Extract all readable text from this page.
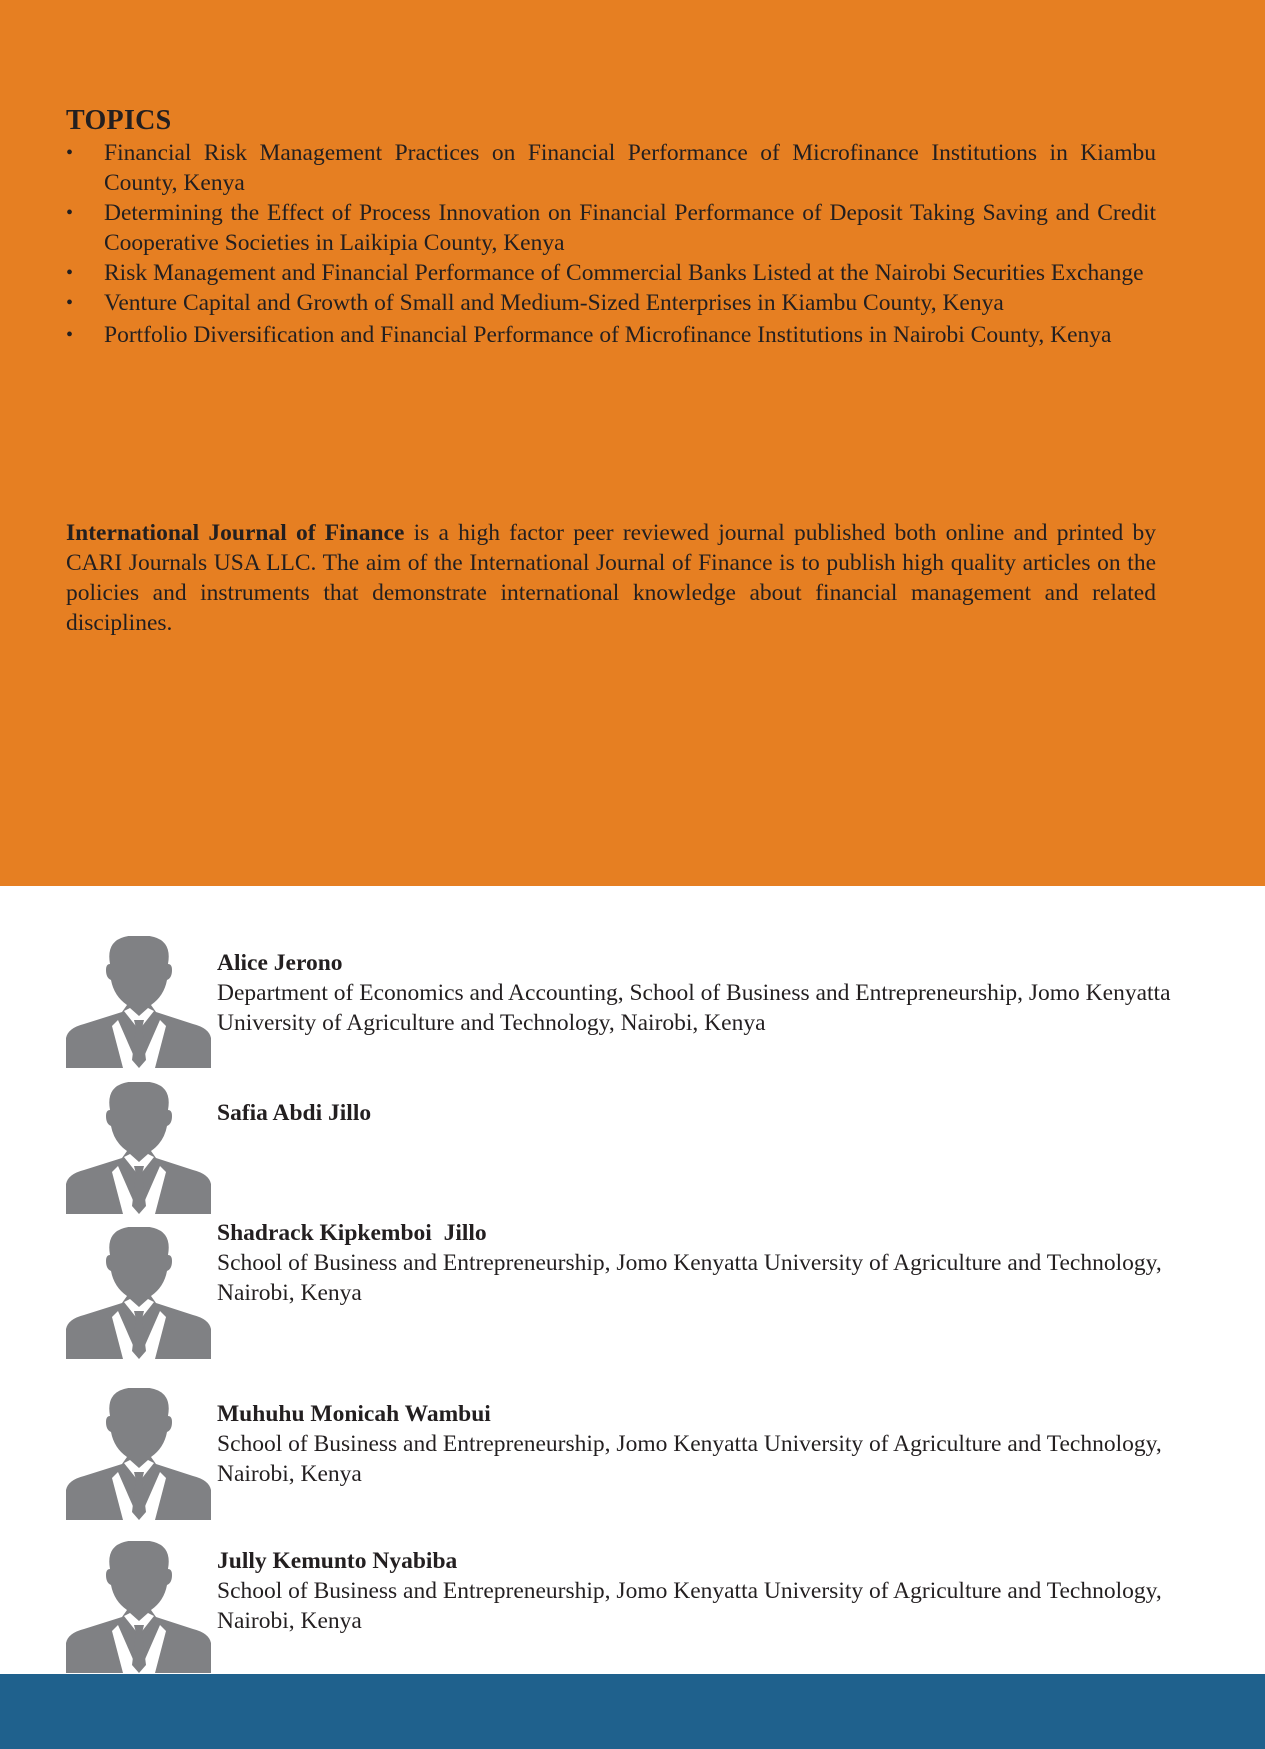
TOPICS
• Financial Risk Management Practices on Financial Performance of Microfinance Institutions in Kiambu County, Kenya
• Determining the Effect of Process Innovation on Financial Performance of Deposit Taking Saving and Credit Cooperative Societies in Laikipia County, Kenya
• Risk Management and Financial Performance of Commercial Banks Listed at the Nairobi Securities Exchange
• Venture Capital and Growth of Small and Medium-Sized Enterprises in Kiambu County, Kenya
• Portfolio Diversification and Financial Performance of Microfinance Institutions in Nairobi County, Kenya

International Journal of Finance is a high factor peer reviewed journal published both online and printed by CARI Journals USA LLC. The aim of the International Journal of Finance is to publish high quality articles on the policies and instruments that demonstrate international knowledge about financial management and related disciplines.

Alice Jerono

Department of Economics and Accounting, School of Business and Entrepreneurship, Jomo Kenyatta University of Agriculture and Technology, Nairobi, Kenya

Safia Abdi Jillo

Shadrack Kipkemboi  Jillo

School of Business and Entrepreneurship, Jomo Kenyatta University of Agriculture and Technology, Nairobi, Kenya

Muhuhu Monicah Wambui

School of Business and Entrepreneurship, Jomo Kenyatta University of Agriculture and Technology, Nairobi, Kenya

Jully Kemunto Nyabiba

School of Business and Entrepreneurship, Jomo Kenyatta University of Agriculture and Technology, Nairobi, Kenya
